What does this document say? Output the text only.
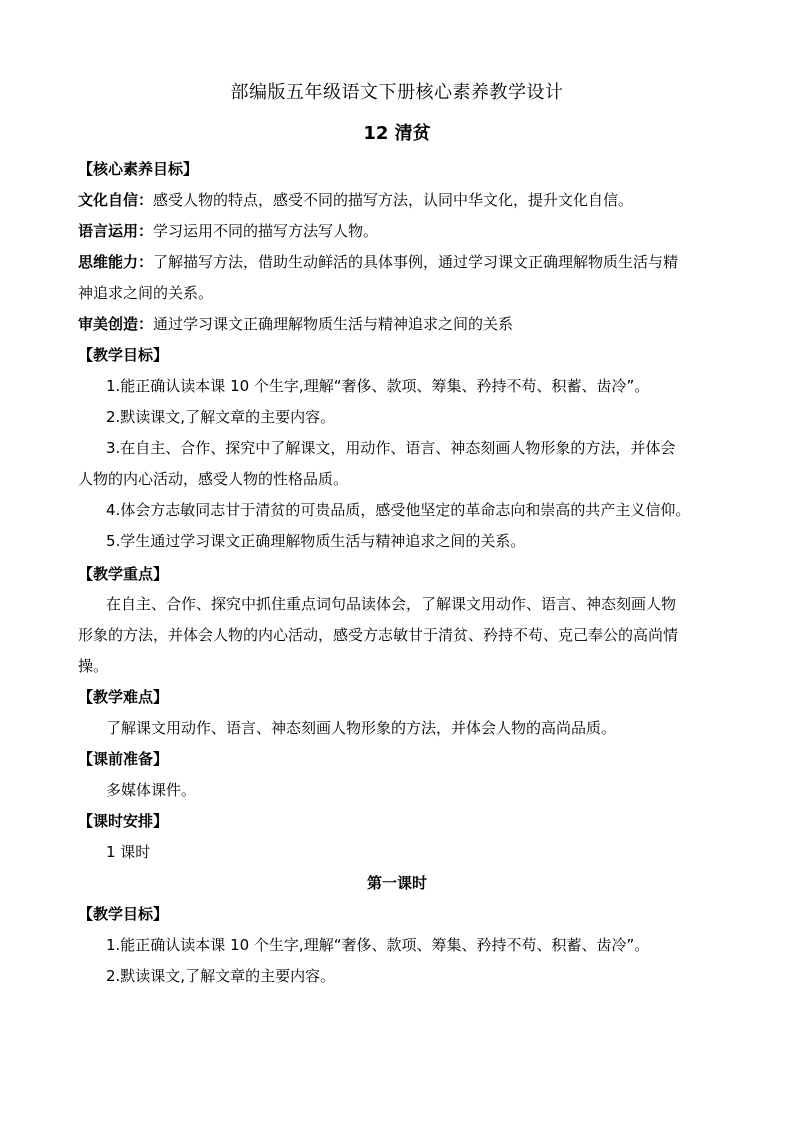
部编版五年级语文下册核心素养教学设计
12 清贫
【核心素养目标】
文化自信：感受人物的特点，感受不同的描写方法，认同中华文化，提升文化自信。
语言运用：学习运用不同的描写方法写人物。
思维能力：了解描写方法，借助生动鲜活的具体事例，通过学习课文正确理解物质生活与精
神追求之间的关系。
审美创造：通过学习课文正确理解物质生活与精神追求之间的关系
【教学目标】
1.能正确认读本课 10 个生字,理解“奢侈、款项、筹集、矜持不苟、积蓄、齿冷”。
2.默读课文,了解文章的主要内容。
3.在自主、合作、探究中了解课文，用动作、语言、神态刻画人物形象的方法，并体会
人物的内心活动，感受人物的性格品质。
4.体会方志敏同志甘于清贫的可贵品质，感受他坚定的革命志向和崇高的共产主义信仰。
5.学生通过学习课文正确理解物质生活与精神追求之间的关系。
【教学重点】
在自主、合作、探究中抓住重点词句品读体会，了解课文用动作、语言、神态刻画人物
形象的方法，并体会人物的内心活动，感受方志敏甘于清贫、矜持不苟、克己奉公的高尚情
操。
【教学难点】
了解课文用动作、语言、神态刻画人物形象的方法，并体会人物的高尚品质。
【课前准备】
多媒体课件。
【课时安排】
1 课时
第一课时
【教学目标】
1.能正确认读本课 10 个生字,理解“奢侈、款项、筹集、矜持不苟、积蓄、齿冷”。
2.默读课文,了解文章的主要内容。
